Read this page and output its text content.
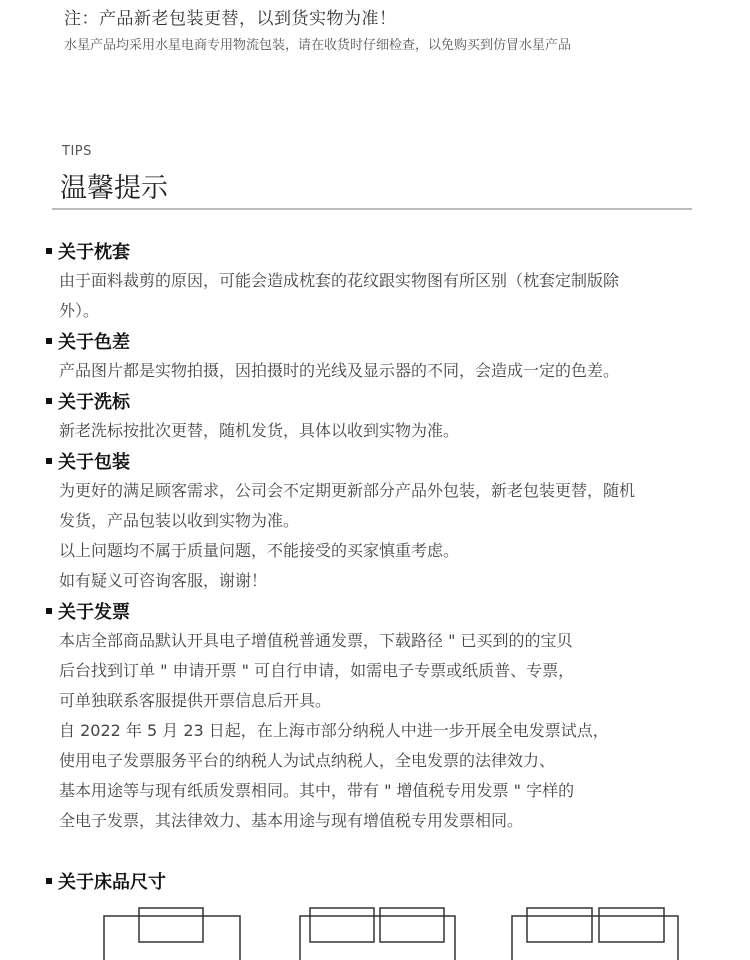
注：产品新老包装更替，以到货实物为准！
水星产品均采用水星电商专用物流包装，请在收货时仔细检查，以免购买到仿冒水星产品
TIPS
温馨提示
关于枕套
由于面料裁剪的原因，可能会造成枕套的花纹跟实物图有所区别（枕套定制版除
外）。
关于色差
产品图片都是实物拍摄，因拍摄时的光线及显示器的不同，会造成一定的色差。
关于洗标
新老洗标按批次更替，随机发货，具体以收到实物为准。
关于包装
为更好的满足顾客需求，公司会不定期更新部分产品外包装，新老包装更替，随机
发货，产品包装以收到实物为准。
以上问题均不属于质量问题，不能接受的买家慎重考虑。
如有疑义可咨询客服，谢谢！
关于发票
本店全部商品默认开具电子增值税普通发票，下载路径 " 已买到的的宝贝
后台找到订单 " 申请开票 " 可自行申请，如需电子专票或纸质普、专票，
可单独联系客服提供开票信息后开具。
自 2022 年 5 月 23 日起，在上海市部分纳税人中进一步开展全电发票试点，
使用电子发票服务平台的纳税人为试点纳税人，全电发票的法律效力、
基本用途等与现有纸质发票相同。其中，带有 " 增值税专用发票 " 字样的
全电子发票，其法律效力、基本用途与现有增值税专用发票相同。
关于床品尺寸
